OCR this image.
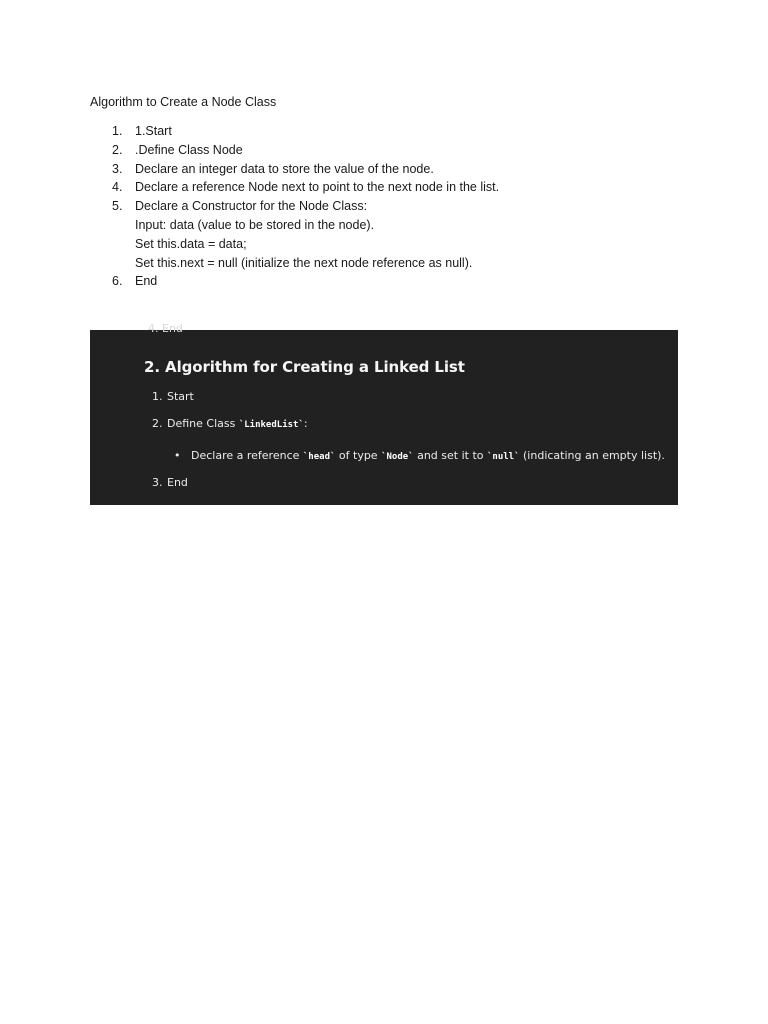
Algorithm to Create a Node Class
1.	1.Start
2.	.Define Class Node
3.	Declare an integer data to store the value of the node.
4.	Declare a reference Node next to point to the next node in the list.
5.	Declare a Constructor for the Node Class:
Input: data (value to be stored in the node).
Set this.data = data;
Set this.next = null (initialize the next node reference as null).
6.	End
4. End
2. Algorithm for Creating a Linked List
1. Start
2. Define Class `LinkedList`:
• Declare a reference `head` of type `Node` and set it to `null` (indicating an empty list).
3. End
